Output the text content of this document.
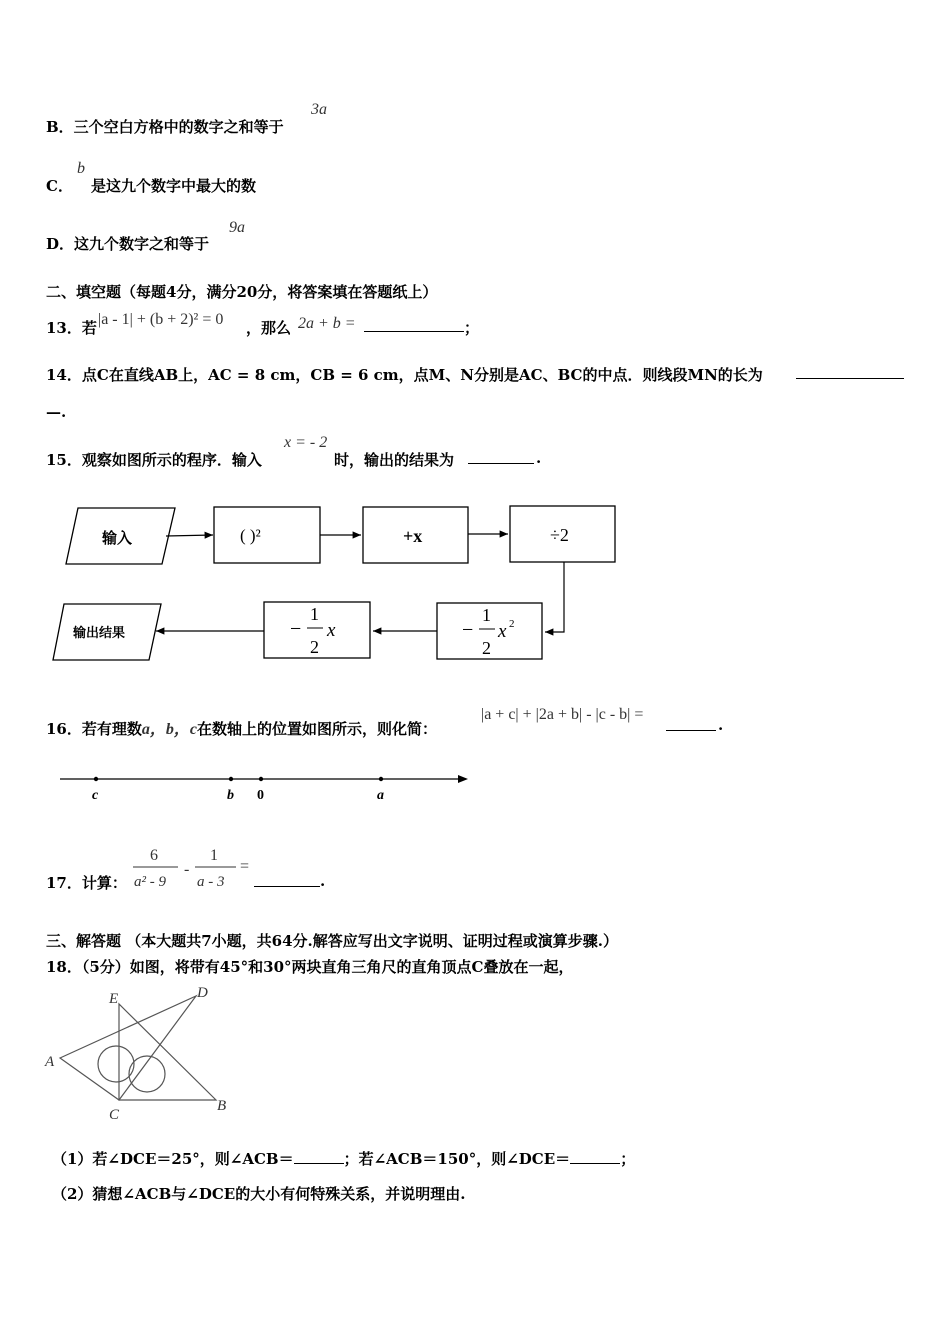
B．三个空白方格中的数字之和等于
3a
C．
b
是这九个数字中最大的数
D．这九个数字之和等于
9a
二、填空题（每题4分，满分20分，将答案填在答题纸上）
13．若 |a - 1| + (b + 2)² = 0 ，那么 2a + b =	；
14．点C在直线AB上，AC = 8 cm，CB = 6 cm，点M、N分别是AC、BC的中点．则线段MN的长为
—.
15．观察如图所示的程序．输入
x = - 2
时，输出的结果为	.
输入	( )²	+x	÷2
−
1
2
x 2
−
1
2
x
输出结果
16．若有理数a，b，c在数轴上的位置如图所示，则化简：
|a + c| + |2a + b| - |c - b| =
.
c	b 0	a
17．计算：
6
a² - 9
-
1
a - 3
=
.
三、解答题 （本大题共7小题，共64分.解答应写出文字说明、证明过程或演算步骤.）
18．（5分）如图，将带有45°和30°两块直角三角尺的直角顶点C叠放在一起，
E	D
A
C
B
（1）若∠DCE＝25°，则∠ACB＝	；若∠ACB＝150°，则∠DCE＝	；
（2）猜想∠ACB与∠DCE的大小有何特殊关系，并说明理由.
